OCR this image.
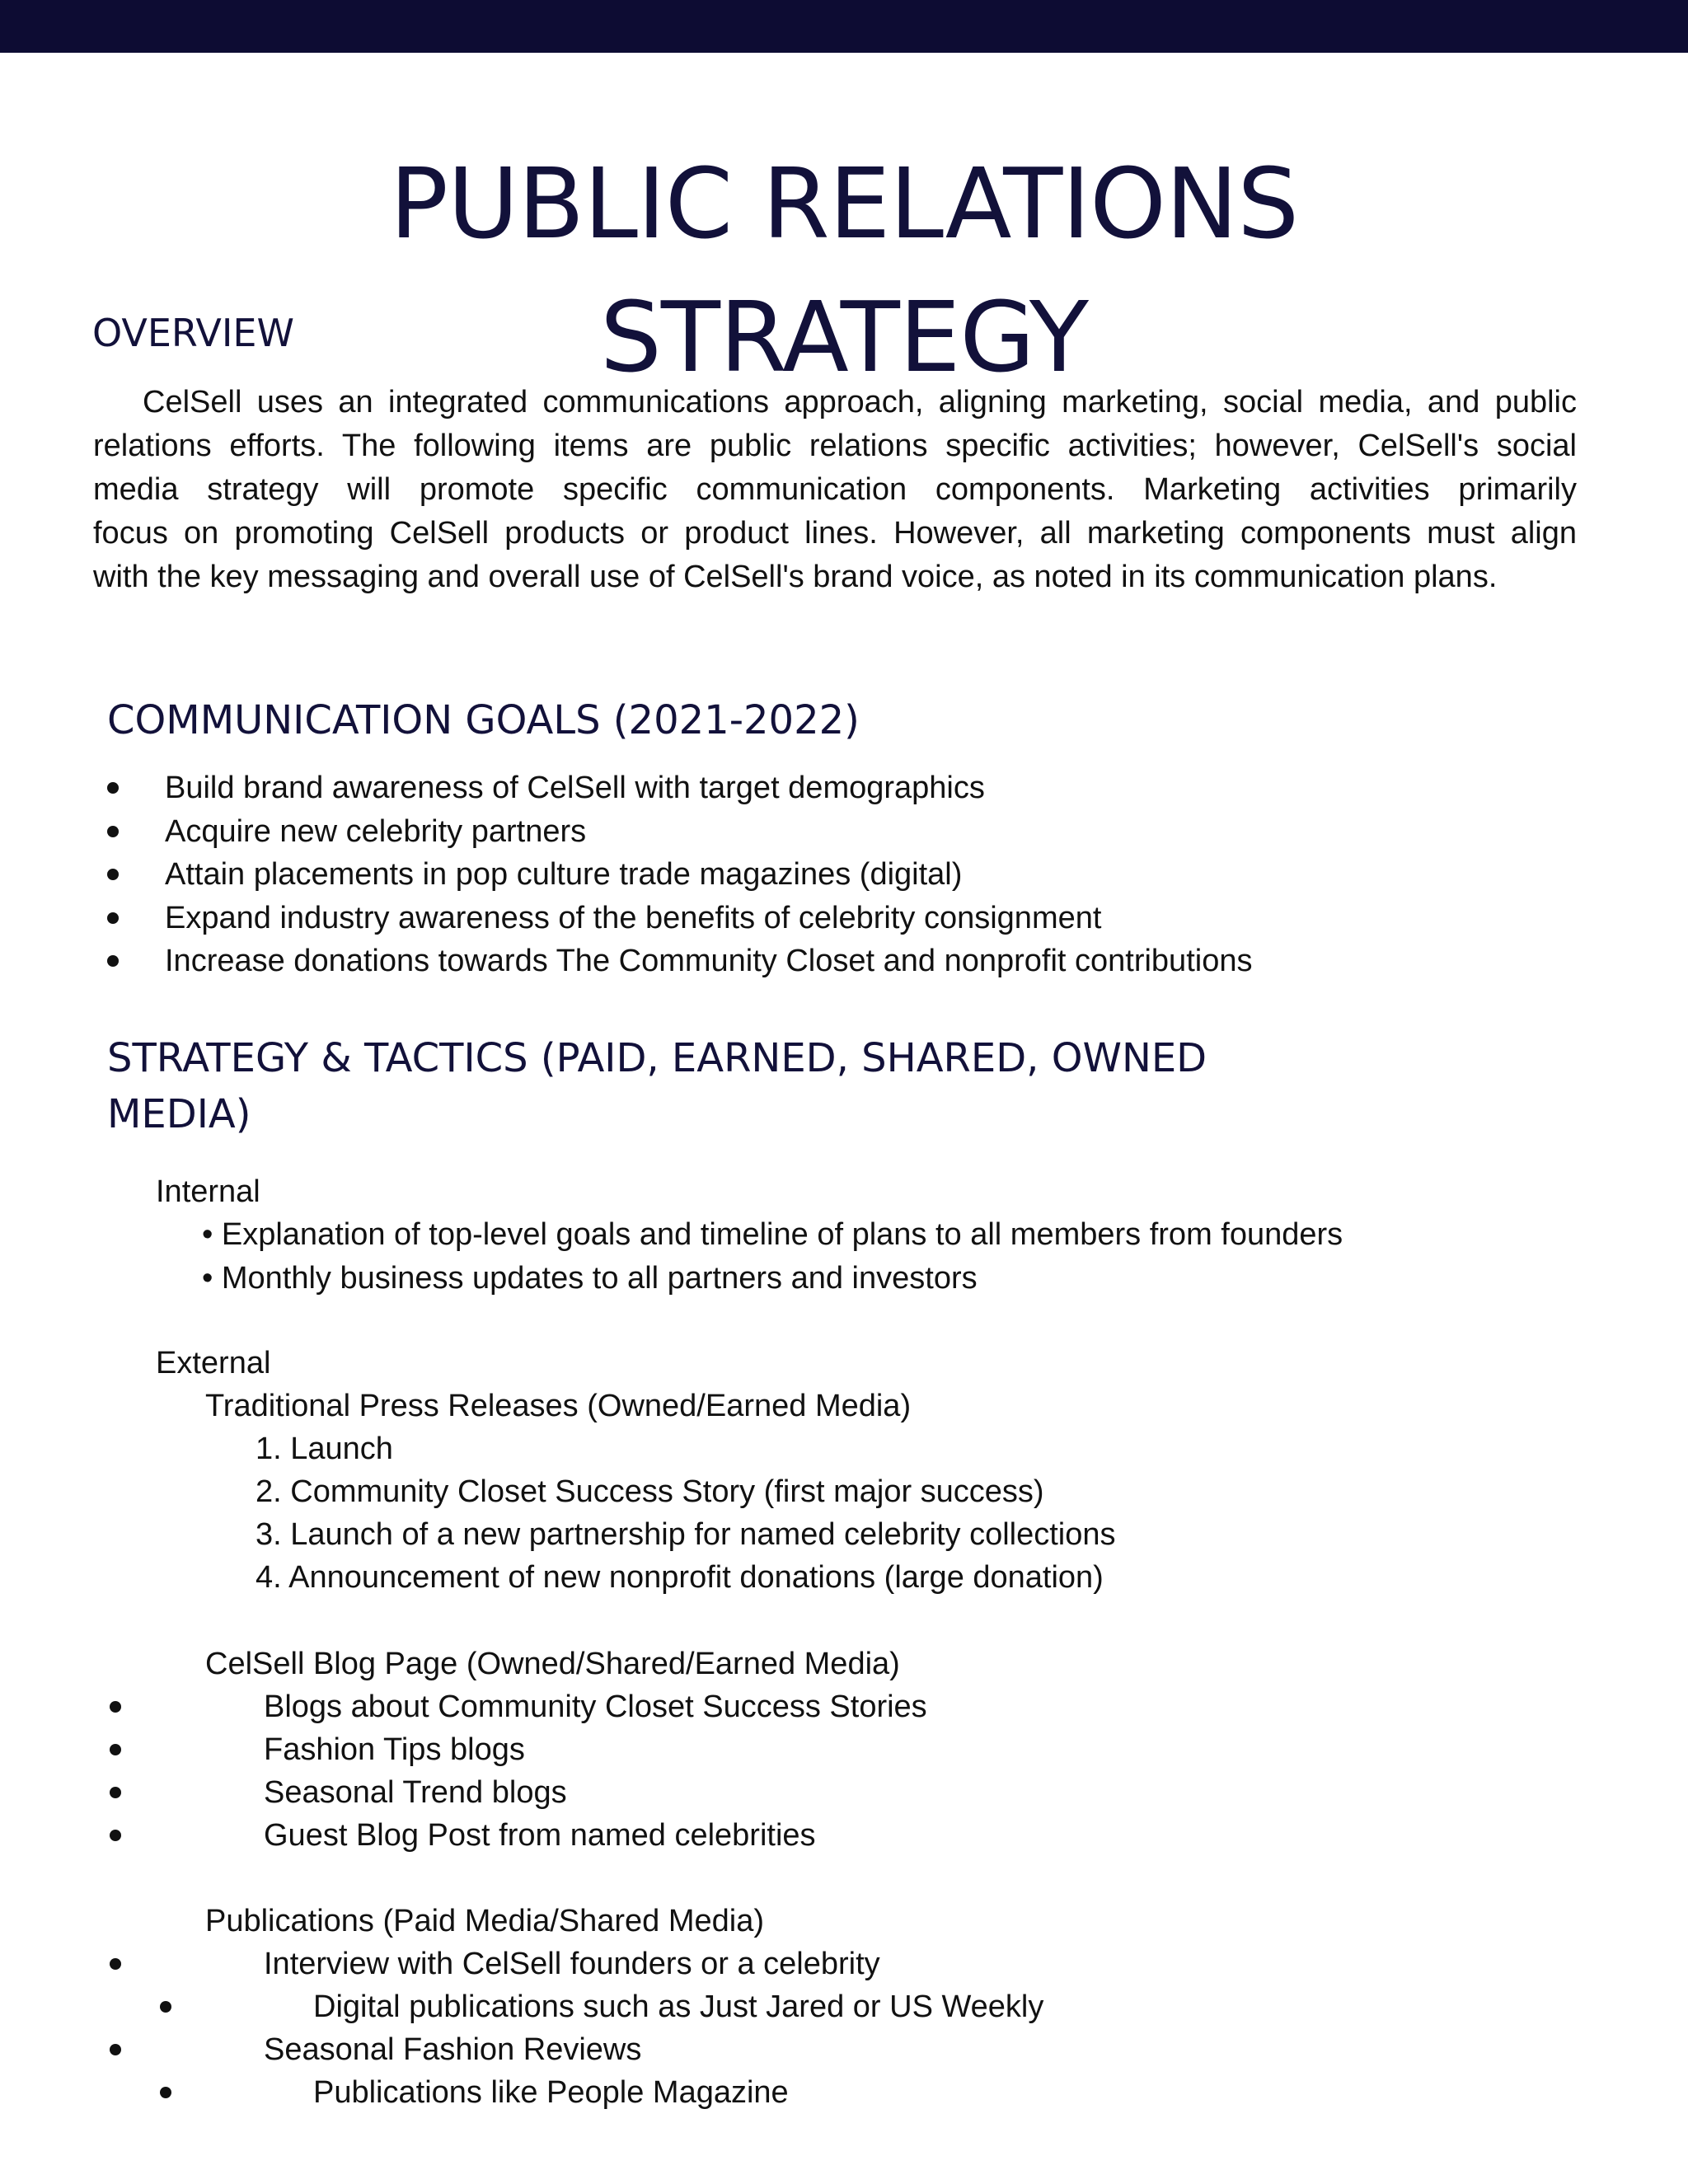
PUBLIC RELATIONS
STRATEGY
OVERVIEW
CelSell uses an integrated communications approach, aligning marketing, social media, and public
relations efforts. The following items are public relations specific activities; however, CelSell's social
media strategy will promote specific communication components. Marketing activities primarily
focus on promoting CelSell products or product lines. However, all marketing components must align
with the key messaging and overall use of CelSell's brand voice, as noted in its communication plans.
COMMUNICATION GOALS (2021-2022)
Build brand awareness of CelSell with target demographics
Acquire new celebrity partners
Attain placements in pop culture trade magazines (digital)
Expand industry awareness of the benefits of celebrity consignment
Increase donations towards The Community Closet and nonprofit contributions
STRATEGY & TACTICS (PAID, EARNED, SHARED, OWNED
MEDIA)
Internal
• Explanation of top-level goals and timeline of plans to all members from founders
• Monthly business updates to all partners and investors
External
Traditional Press Releases (Owned/Earned Media)
1. Launch
2. Community Closet Success Story (first major success)
3. Launch of a new partnership for named celebrity collections
4. Announcement of new nonprofit donations (large donation)
CelSell Blog Page (Owned/Shared/Earned Media)
Blogs about Community Closet Success Stories
Fashion Tips blogs
Seasonal Trend blogs
Guest Blog Post from named celebrities
Publications (Paid Media/Shared Media)
Interview with CelSell founders or a celebrity
Digital publications such as Just Jared or US Weekly
Seasonal Fashion Reviews
Publications like People Magazine
